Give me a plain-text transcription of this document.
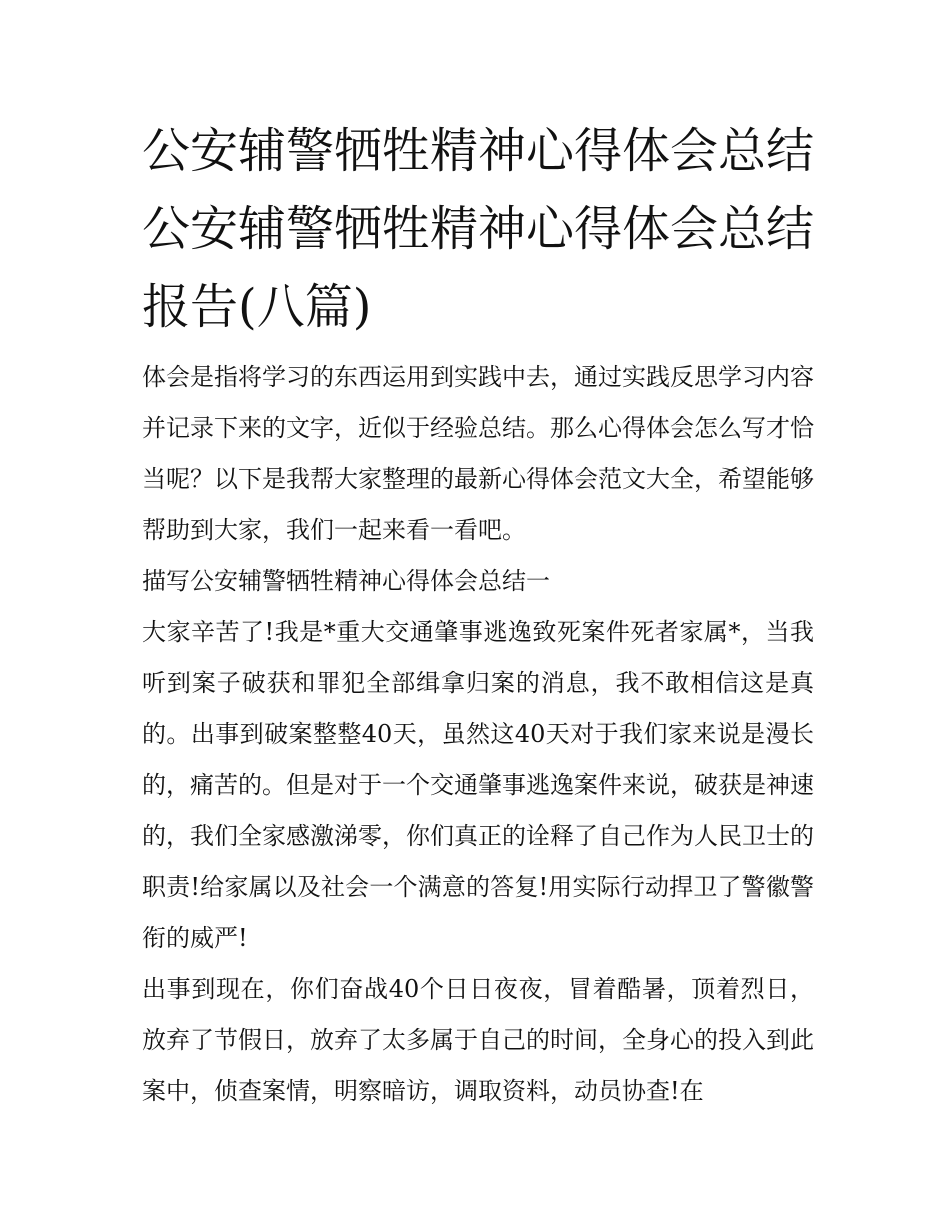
公安辅警牺牲精神心得体会总结 公安辅警牺牲精神心得体会总结报告(八篇)

体会是指将学习的东西运用到实践中去，通过实践反思学习内容并记录下来的文字，近似于经验总结。那么心得体会怎么写才恰当呢？以下是我帮大家整理的最新心得体会范文大全，希望能够帮助到大家，我们一起来看一看吧。

描写公安辅警牺牲精神心得体会总结一

大家辛苦了!我是*重大交通肇事逃逸致死案件死者家属*，当我听到案子破获和罪犯全部缉拿归案的消息，我不敢相信这是真的。出事到破案整整40天，虽然这40天对于我们家来说是漫长的，痛苦的。但是对于一个交通肇事逃逸案件来说，破获是神速的，我们全家感激涕零，你们真正的诠释了自己作为人民卫士的职责!给家属以及社会一个满意的答复!用实际行动捍卫了警徽警衔的威严!

出事到现在，你们奋战40个日日夜夜，冒着酷暑，顶着烈日，放弃了节假日，放弃了太多属于自己的时间，全身心的投入到此案中，侦查案情，明察暗访，调取资料，动员协查!在
